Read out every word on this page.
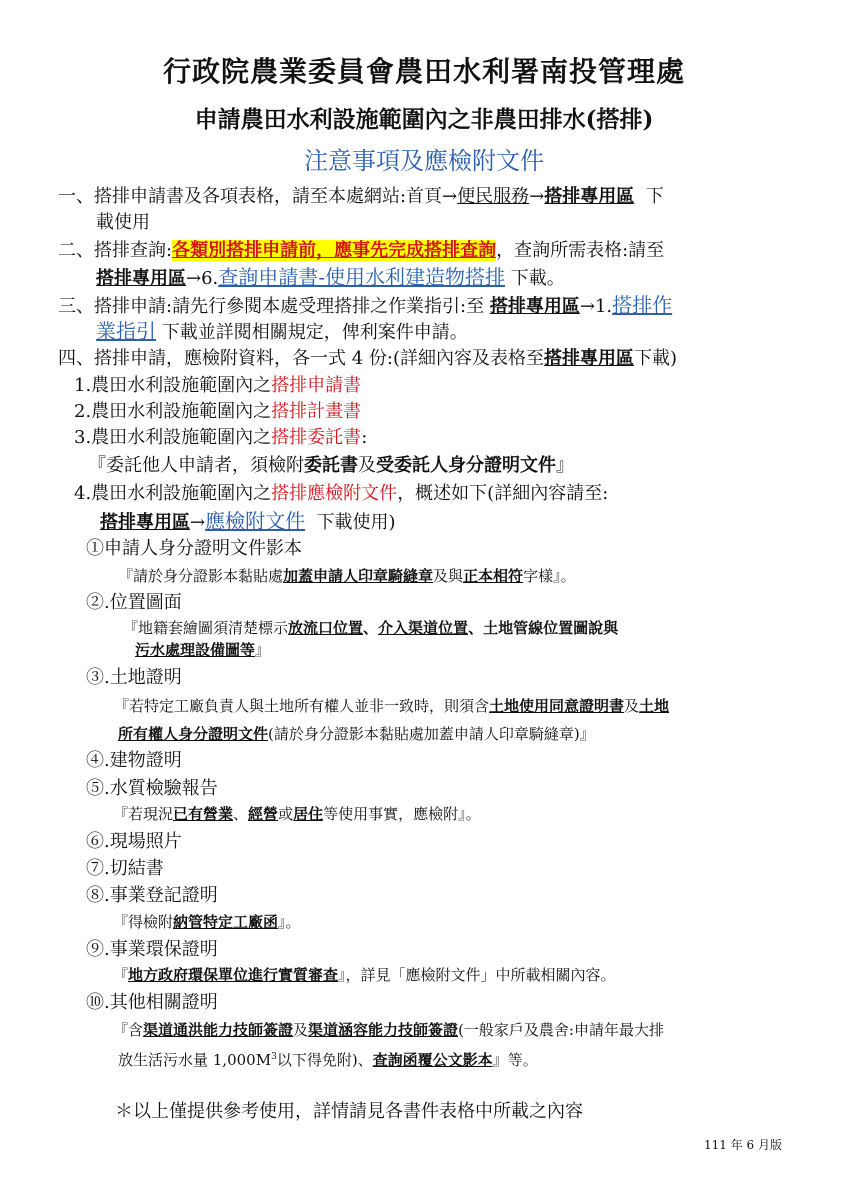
行政院農業委員會農田水利署南投管理處
申請農田水利設施範圍內之非農田排水(搭排)
注意事項及應檢附文件
一、搭排申請書及各項表格，請至本處網站:首頁→便民服務→搭排專用區 下
載使用
二、搭排查詢:各類別搭排申請前，應事先完成搭排查詢，查詢所需表格:請至
搭排專用區→6.查詢申請書-使用水利建造物搭排 下載。
三、搭排申請:請先行參閱本處受理搭排之作業指引:至 搭排專用區→1.搭排作
業指引 下載並詳閱相關規定，俾利案件申請。
四、搭排申請，應檢附資料，各一式 4 份:(詳細內容及表格至搭排專用區下載)
1.農田水利設施範圍內之搭排申請書
2.農田水利設施範圍內之搭排計畫書
3.農田水利設施範圍內之搭排委託書:
『委託他人申請者，須檢附委託書及受委託人身分證明文件』
4.農田水利設施範圍內之搭排應檢附文件，概述如下(詳細內容請至:
搭排專用區→應檢附文件 下載使用)
①申請人身分證明文件影本
『請於身分證影本黏貼處加蓋申請人印章騎縫章及與正本相符字樣』。
②.位置圖面
『地籍套繪圖須清楚標示放流口位置、介入渠道位置、土地管線位置圖說與
污水處理設備圖等』
③.土地證明
『若特定工廠負責人與土地所有權人並非一致時，則須含土地使用同意證明書及土地
所有權人身分證明文件(請於身分證影本黏貼處加蓋申請人印章騎縫章)』
④.建物證明
⑤.水質檢驗報告
『若現況已有營業、經營或居住等使用事實，應檢附』。
⑥.現場照片
⑦.切結書
⑧.事業登記證明
『得檢附納管特定工廠函』。
⑨.事業環保證明
『地方政府環保單位進行實質審查』，詳見「應檢附文件」中所載相關內容。
⑩.其他相關證明
『含渠道通洪能力技師簽證及渠道涵容能力技師簽證(一般家戶及農舍:申請年最大排
放生活污水量 $1,000M^3$以下得免附)、查詢函覆公文影本』等。
＊以上僅提供參考使用，詳情請見各書件表格中所載之內容
111 年 6 月版
